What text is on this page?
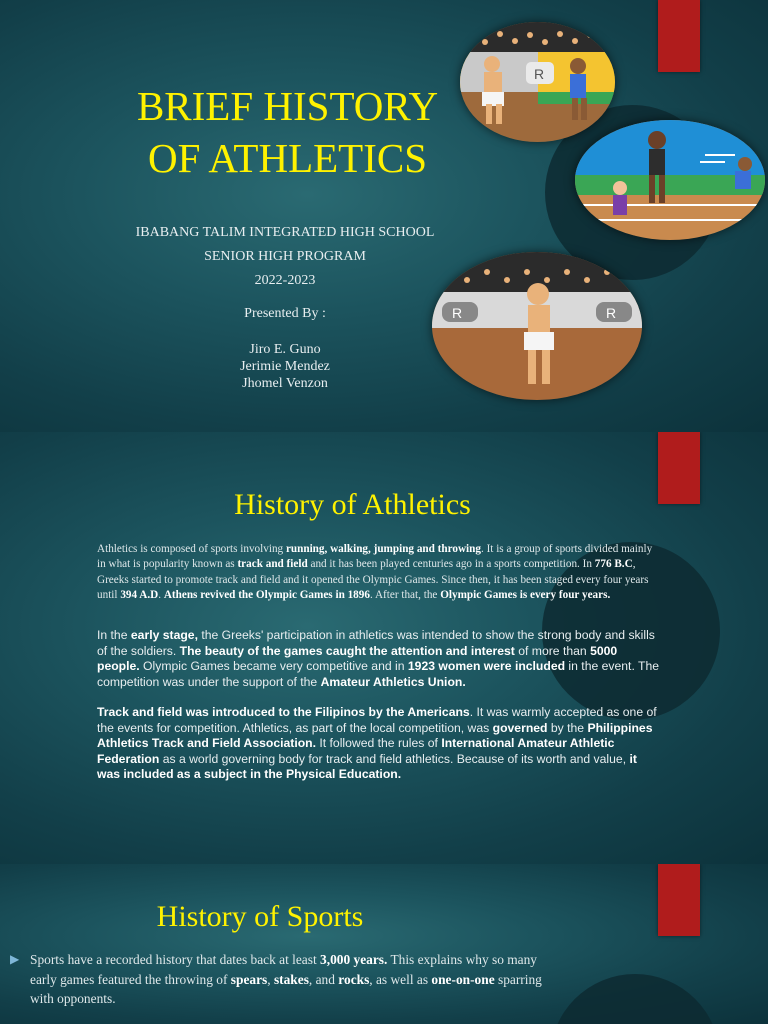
BRIEF HISTORY
OF ATHLETICS
IBABANG TALIM INTEGRATED HIGH SCHOOL
SENIOR HIGH PROGRAM
2022-2023
Presented By :
Jiro E. Guno
Jerimie Mendez
Jhomel Venzon
R
R	R
History of Athletics
Athletics is composed of sports involving running, walking, jumping and throwing. It is a group of sports divided mainly in what is popularity known as track and field and it has been played centuries ago in a sports competition. In 776 B.C, Greeks started to promote track and field and it opened the Olympic Games. Since then, it has been staged every four years until 394 A.D. Athens revived the Olympic Games in 1896. After that, the Olympic Games is every four years.
In the early stage, the Greeks' participation in athletics was intended to show the strong body and skills of the soldiers. The beauty of the games caught the attention and interest of more than 5000 people. Olympic Games became very competitive and in 1923 women were included in the event. The competition was under the support of the Amateur Athletics Union.
Track and field was introduced to the Filipinos by the Americans. It was warmly accepted as one of the events for competition. Athletics, as part of the local competition, was governed by the Philippines Athletics Track and Field Association. It followed the rules of International Amateur Athletic Federation as a world governing body for track and field athletics. Because of its worth and value, it was included as a subject in the Physical Education.
History of Sports
▶ Sports have a recorded history that dates back at least 3,000 years. This explains why so many early games featured the throwing of spears, stakes, and rocks, as well as one-on-one sparring with opponents.
